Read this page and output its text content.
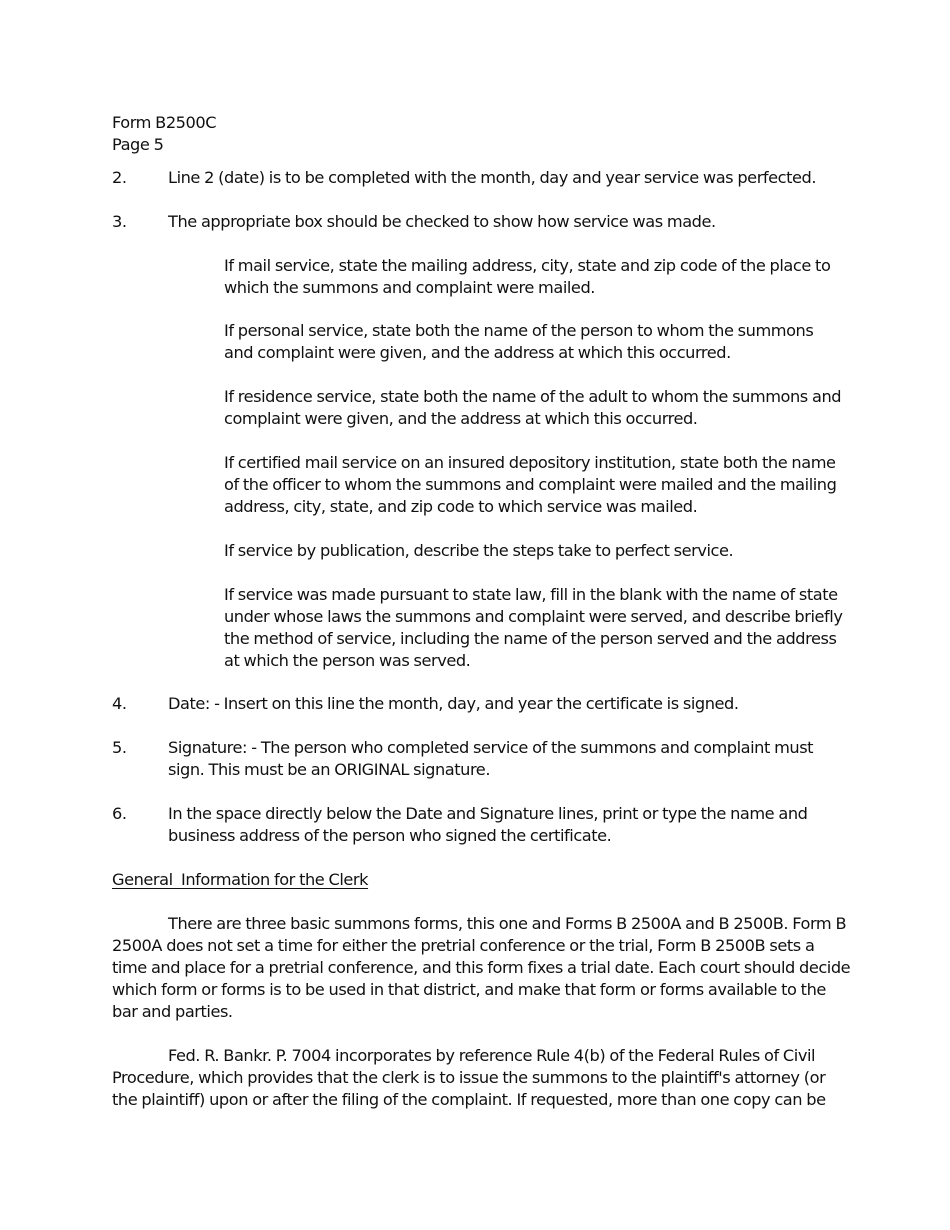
Form B2500C
Page 5
2.	Line 2 (date) is to be completed with the month, day and year service was perfected.
3.	The appropriate box should be checked to show how service was made.
If mail service, state the mailing address, city, state and zip code of the place to which the summons and complaint were mailed.
If personal service, state both the name of the person to whom the summons and complaint were given, and the address at which this occurred.
If residence service, state both the name of the adult to whom the summons and complaint were given, and the address at which this occurred.
If certified mail service on an insured depository institution, state both the name of the officer to whom the summons and complaint were mailed and the mailing address, city, state, and zip code to which service was mailed.
If service by publication, describe the steps take to perfect service.
If service was made pursuant to state law, fill in the blank with the name of state under whose laws the summons and complaint were served, and describe briefly the method of service, including the name of the person served and the address at which the person was served.
4.	Date: - Insert on this line the month, day, and year the certificate is signed.
5.	Signature: - The person who completed service of the summons and complaint must sign. This must be an ORIGINAL signature.
6.	In the space directly below the Date and Signature lines, print or type the name and business address of the person who signed the certificate.
General  Information for the Clerk
There are three basic summons forms, this one and Forms B 2500A and B 2500B. Form B 2500A does not set a time for either the pretrial conference or the trial, Form B 2500B sets a time and place for a pretrial conference, and this form fixes a trial date. Each court should decide which form or forms is to be used in that district, and make that form or forms available to the bar and parties.
Fed. R. Bankr. P. 7004 incorporates by reference Rule 4(b) of the Federal Rules of Civil Procedure, which provides that the clerk is to issue the summons to the plaintiff's attorney (or the plaintiff) upon or after the filing of the complaint. If requested, more than one copy can be
